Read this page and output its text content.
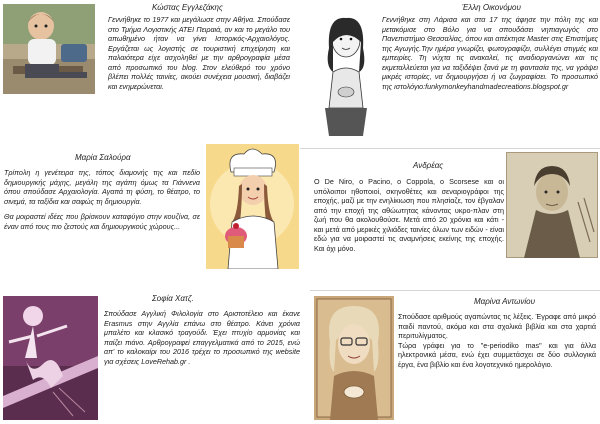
Κώστας Εγγλεζάκης

Γεννήθηκε το 1977 και μεγάλωσε στην Αθήνα. Σπούδασε στο Τμήμα Λογιστικής ΑΤΕΙ Πειραιά, αν και το μεγάλο του απωθημένο ήταν να γίνει Ιστορικός-Αρχαιολόγος. Εργάζεται ως λογιστής σε τουριστική επιχείρηση και παλαιότερα είχε ασχοληθεί με την αρθρογραφία μέσα από προσωπικό του blog. Στον ελεύθερό του χρόνο βλέπει πολλές ταινίες, ακούει συνέχεια μουσική, διαβάζει και ενημερώνεται.

Έλλη Οικονόμου

Γεννήθηκε στη Λάρισα και στα 17 της άφησε την πόλη της και μετακόμισε στο Βόλο για να σπουδάσει νηπιαγωγός στο Πανεπιστήμιο Θεσσαλίας, όπου και απέκτησε Master στις Επιστήμες της Αγωγής.Την ημέρα γνωρίζει, φωτογραφίζει, συλλέγει στιγμές και εμπειρίες. Τη νύχτα τις ανακαλεί, τις αναδιοργανώνει και τις εκμεταλλεύεται για να ταξιδέψει ξανά με τη φαντασία της, να γράψει μικρές ιστορίες, να δημιουργήσει ή να ζωγραφίσει. Το προσωπικό της ιστολόγιο:funkymonkeyhandmadecreations.blogspot.gr

Μαρία Σαλούρα

Τρίπολη η γενέτειρα της, τόπος διαμονής της και πεδίο δημιουργικής μάχης, μεγάλη της αγάπη όμως τα Γιάννενα όπου σπούδασε Αρχαιολογία. Αγαπά τη φύση, το θέατρο, το σινεμά, τα ταξίδια και σαφώς τη δημιουργία.

Θα μοιραστεί ιδέες που βρίσκουν καταφύγιο στην κουζίνα, σε έναν από τους πιο ζεστούς και δημιουργικούς χώρους...

Ανδρέας

Ο De Niro, ο Pacino, ο Coppola, ο Scorsese και οι υπόλοιποι ηθοποιοί, σκηνοθέτες και σεναριογράφοι της εποχής, μαζί με την ενηλίκιωση που πλησίαζε, τον έβγαλαν από την εποχή της αθώωτητας κάνοντας υκρο-πλαν στη ζωή που θα ακολουθούσε. Μετά από 20 χρόνια και κάτι - και μετά από μερικές χιλιάδες ταινίες όλων των ειδών - είναι εδώ για να μοιραστεί τις αναμνήσεις εκείνης της εποχής. Και όχι μόνο.

Σοφία Χατζ.

Σπούδασε Αγγλική Φιλολογία στο Αριστοτέλειο και έκανε Erasmus στην Αγγλία επάνω στο θέατρο. Κάνει χρόνια μπαλέτο και κλασικό τραγούδι. Έχει πτυχίο αρμονίας και παίζει πιάνο. Αρθρογραφεί επαγγελματικά από το 2015, ενώ απ' το καλοκαίρι του 2016 τρέχει το προσωπικό της website για σχέσεις LoveRehab.gr .

Μαρίνα Αντωνίου

Σπούδασε αριθμούς αγαπώντας τις λέξεις. Έγραφε από μικρό παιδί παντού, ακόμα και στα σχολικά βιβλία και στα χαρτιά περιτυλίγματος.

Τώρα γράφει για το "e-periodiko mas" και για άλλα ηλεκτρονικά μέσα, ενώ έχει συμμετάσχει σε δύο συλλογικά έργα, ένα βιβλίο και ένα λογοτεχνικό ημερολόγιο.
